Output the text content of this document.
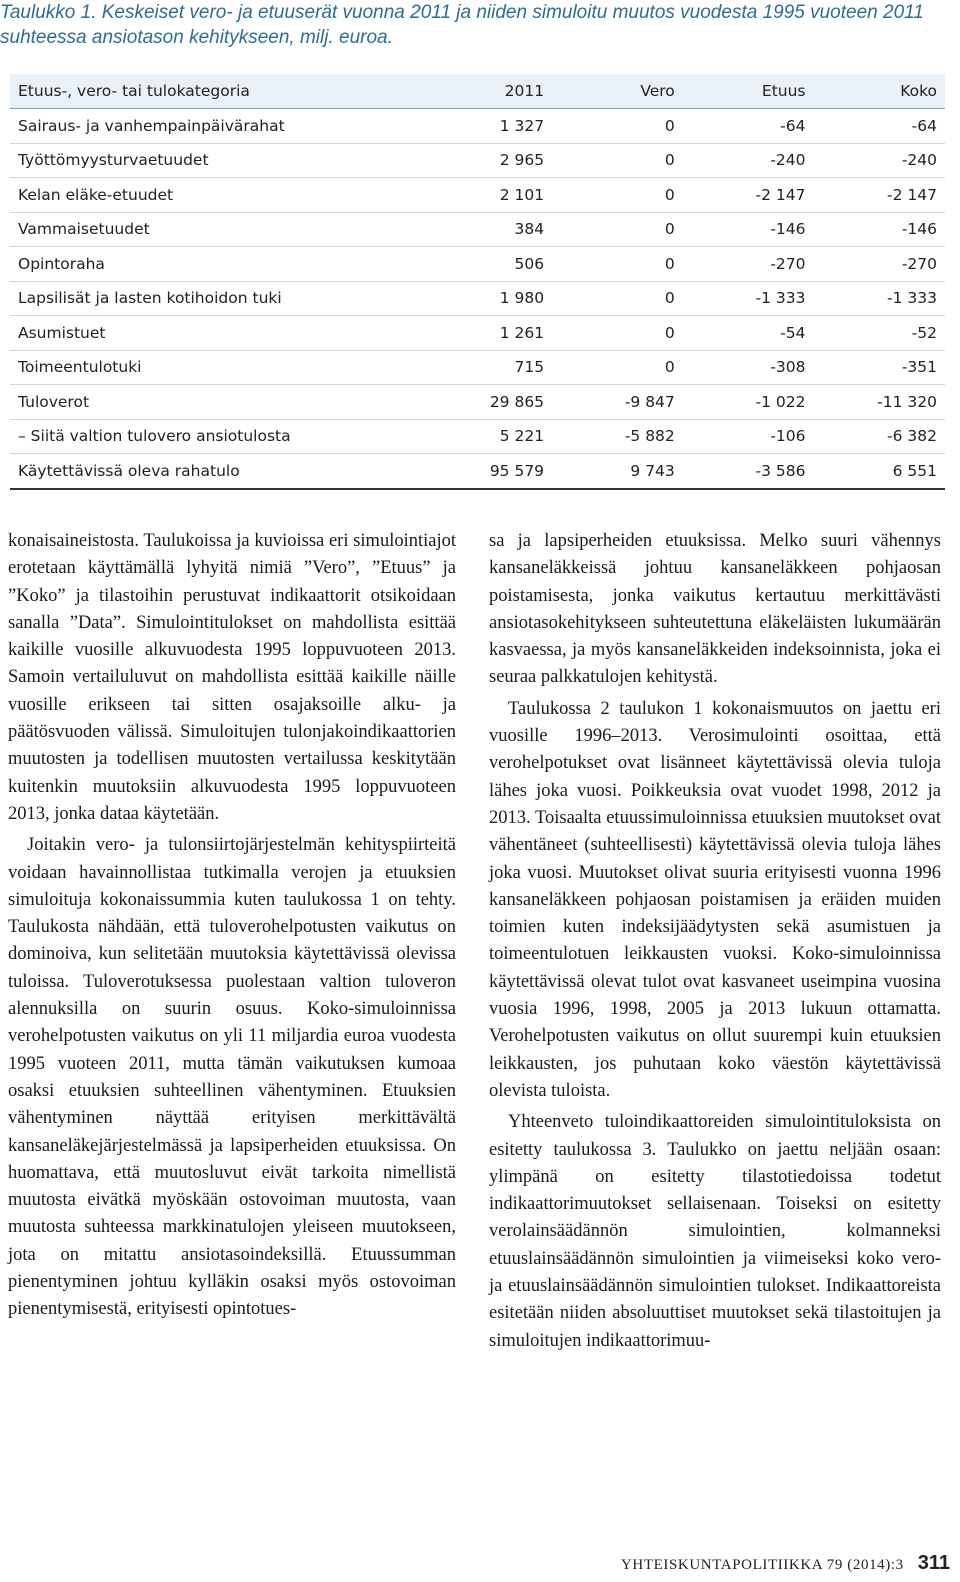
Taulukko 1. Keskeiset vero- ja etuuserät vuonna 2011 ja niiden simuloitu muutos vuodesta 1995 vuoteen 2011 suhteessa ansiotason kehitykseen, milj. euroa.
Etuus-, vero- tai tulokategoria	2011	Vero	Etuus	Koko
Sairaus- ja vanhempainpäivärahat	1 327	0	-64	-64
Työttömyysturvaetuudet	2 965	0	-240	-240
Kelan eläke-etuudet	2 101	0	-2 147	-2 147
Vammaisetuudet	384	0	-146	-146
Opintoraha	506	0	-270	-270
Lapsilisät ja lasten kotihoidon tuki	1 980	0	-1 333	-1 333
Asumistuet	1 261	0	-54	-52
Toimeentulotuki	715	0	-308	-351
Tuloverot	29 865	-9 847	-1 022	-11 320
– Siitä valtion tulovero ansiotulosta	5 221	-5 882	-106	-6 382
Käytettävissä oleva rahatulo	95 579	9 743	-3 586	6 551

konaisaineistosta. Taulukoissa ja kuvioissa eri simulointiajot erotetaan käyttämällä lyhyitä nimiä ”Vero”, ”Etuus” ja ”Koko” ja tilastoihin perustuvat indikaattorit otsikoidaan sanalla ”Data”. Simulointitulokset on mahdollista esittää kaikille vuosille alkuvuodesta 1995 loppuvuoteen 2013. Samoin vertailuluvut on mahdollista esittää kaikille näille vuosille erikseen tai sitten osajaksoille alku- ja päätösvuoden välissä. Simuloitujen tulonjakoindikaattorien muutosten ja todellisen muutosten vertailussa keskitytään kuitenkin muutoksiin alkuvuodesta 1995 loppuvuoteen 2013, jonka dataa käytetään.

Joitakin vero- ja tulonsiirtojärjestelmän kehityspiirteitä voidaan havainnollistaa tutkimalla verojen ja etuuksien simuloituja kokonaissummia kuten taulukossa 1 on tehty. Taulukosta nähdään, että tuloverohelpotusten vaikutus on dominoiva, kun selitetään muutoksia käytettävissä olevissa tuloissa. Tuloverotuksessa puolestaan valtion tuloveron alennuksilla on suurin osuus. Koko-simuloinnissa verohelpotusten vaikutus on yli 11 miljardia euroa vuodesta 1995 vuoteen 2011, mutta tämän vaikutuksen kumoaa osaksi etuuksien suhteellinen vähentyminen. Etuuksien vähentyminen näyttää erityisen merkittävältä kansaneläkejärjestelmässä ja lapsiperheiden etuuksissa. On huomattava, että muutosluvut eivät tarkoita nimellistä muutosta eivätkä myöskään ostovoiman muutosta, vaan muutosta suhteessa markkinatulojen yleiseen muutokseen, jota on mitattu ansiotasoindeksillä. Etuussumman pienentyminen johtuu kylläkin osaksi myös ostovoiman pienentymisestä, erityisesti opintotues-

sa ja lapsiperheiden etuuksissa. Melko suuri vähennys kansaneläkkeissä johtuu kansaneläkkeen pohjaosan poistamisesta, jonka vaikutus kertautuu merkittävästi ansiotasokehitykseen suhteutettuna eläkeläisten lukumäärän kasvaessa, ja myös kansaneläkkeiden indeksoinnista, joka ei seuraa palkkatulojen kehitystä.

Taulukossa 2 taulukon 1 kokonaismuutos on jaettu eri vuosille 1996–2013. Verosimulointi osoittaa, että verohelpotukset ovat lisänneet käytettävissä olevia tuloja lähes joka vuosi. Poikkeuksia ovat vuodet 1998, 2012 ja 2013. Toisaalta etuussimuloinnissa etuuksien muutokset ovat vähentäneet (suhteellisesti) käytettävissä olevia tuloja lähes joka vuosi. Muutokset olivat suuria erityisesti vuonna 1996 kansaneläkkeen pohjaosan poistamisen ja eräiden muiden toimien kuten indeksijäädytysten sekä asumistuen ja toimeentulotuen leikkausten vuoksi. Koko-simuloinnissa käytettävissä olevat tulot ovat kasvaneet useimpina vuosina vuosia 1996, 1998, 2005 ja 2013 lukuun ottamatta. Verohelpotusten vaikutus on ollut suurempi kuin etuuksien leikkausten, jos puhutaan koko väestön käytettävissä olevista tuloista.

Yhteenveto tuloindikaattoreiden simulointituloksista on esitetty taulukossa 3. Taulukko on jaettu neljään osaan: ylimpänä on esitetty tilastotiedoissa todetut indikaattorimuutokset sellaisenaan. Toiseksi on esitetty verolainsäädännön simulointien, kolmanneksi etuuslainsäädännön simulointien ja viimeiseksi koko vero- ja etuuslainsäädännön simulointien tulokset. Indikaattoreista esitetään niiden absoluuttiset muutokset sekä tilastoitujen ja simuloitujen indikaattorimuu-

YHTEISKUNTAPOLITIIKKA 79 (2014):3 311
